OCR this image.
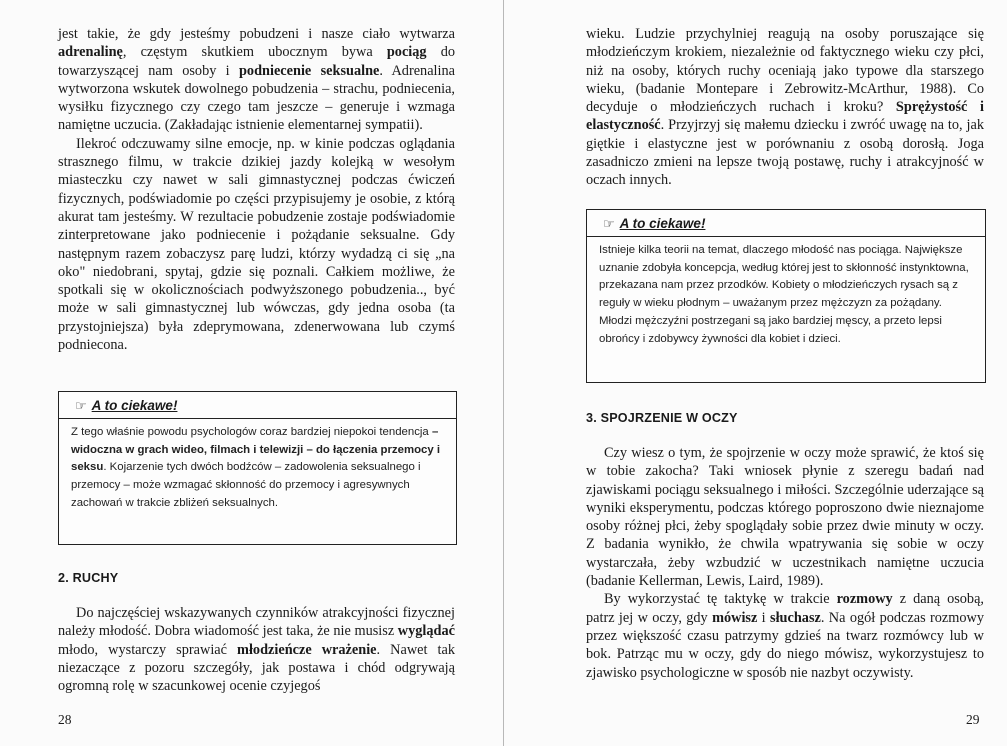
jest takie, że gdy jesteśmy pobudzeni i nasze ciało wytwarza adrenalinę, częstym skutkiem ubocznym bywa pociąg do towarzyszącej nam osoby i podniecenie seksualne. Adrenalina wytworzona wskutek dowolnego pobudzenia – strachu, podniecenia, wysiłku fizycznego czy czego tam jeszcze – generuje i wzmaga namiętne uczucia. (Zakładając istnienie elementarnej sympatii).

Ilekroć odczuwamy silne emocje, np. w kinie podczas oglądania strasznego filmu, w trakcie dzikiej jazdy kolejką w wesołym miasteczku czy nawet w sali gimnastycznej podczas ćwiczeń fizycznych, podświadomie po części przypisujemy je osobie, z którą akurat tam jesteśmy. W rezultacie pobudzenie zostaje podświadomie zinterpretowane jako podniecenie i pożądanie seksualne. Gdy następnym razem zobaczysz parę ludzi, którzy wydadzą ci się „na oko" niedobrani, spytaj, gdzie się poznali. Całkiem możliwe, że spotkali się w okolicznościach podwyższonego pobudzenia.., być może w sali gimnastycznej lub wówczas, gdy jedna osoba (ta przystojniejsza) była zdeprymowana, zdenerwowana lub czymś podniecona.

☞ A to ciekawe!
Z tego właśnie powodu psychologów coraz bardziej niepokoi tendencja – widoczna w grach wideo, filmach i telewizji – do łączenia przemocy i seksu. Kojarzenie tych dwóch bodźców – zadowolenia seksualnego i przemocy – może wzmagać skłonność do przemocy i agresywnych zachowań w trakcie zbliżeń seksualnych.
2. RUCHY

Do najczęściej wskazywanych czynników atrakcyjności fizycznej należy młodość. Dobra wiadomość jest taka, że nie musisz wyglądać młodo, wystarczy sprawiać młodzieńcze wrażenie. Nawet tak niezaczące z pozoru szczegóły, jak postawa i chód odgrywają ogromną rolę w szacunkowej ocenie czyjegoś

28

wieku. Ludzie przychylniej reagują na osoby poruszające się młodzieńczym krokiem, niezależnie od faktycznego wieku czy płci, niż na osoby, których ruchy oceniają jako typowe dla starszego wieku, (badanie Montepare i Zebrowitz-McArthur, 1988). Co decyduje o młodzieńczych ruchach i kroku? Sprężystość i elastyczność. Przyjrzyj się małemu dziecku i zwróć uwagę na to, jak giętkie i elastyczne jest w porównaniu z osobą dorosłą. Joga zasadniczo zmieni na lepsze twoją postawę, ruchy i atrakcyjność w oczach innych.

☞ A to ciekawe!
Istnieje kilka teorii na temat, dlaczego młodość nas pociąga. Największe uznanie zdobyła koncepcja, według której jest to skłonność instynktowna, przekazana nam przez przodków. Kobiety o młodzieńczych rysach są z reguły w wieku płodnym – uważanym przez mężczyzn za pożądany. Młodzi mężczyźni postrzegani są jako bardziej męscy, a przeto lepsi obrońcy i zdobywcy żywności dla kobiet i dzieci.
3. SPOJRZENIE W OCZY

Czy wiesz o tym, że spojrzenie w oczy może sprawić, że ktoś się w tobie zakocha? Taki wniosek płynie z szeregu badań nad zjawiskami pociągu seksualnego i miłości. Szczególnie uderzające są wyniki eksperymentu, podczas którego poproszono dwie nieznajome osoby różnej płci, żeby spoglądały sobie przez dwie minuty w oczy. Z badania wynikło, że chwila wpatrywania się sobie w oczy wystarczała, żeby wzbudzić w uczestnikach namiętne uczucia (badanie Kellerman, Lewis, Laird, 1989).

By wykorzystać tę taktykę w trakcie rozmowy z daną osobą, patrz jej w oczy, gdy mówisz i słuchasz. Na ogół podczas rozmowy przez większość czasu patrzymy gdzieś na twarz rozmówcy lub w bok. Patrząc mu w oczy, gdy do niego mówisz, wykorzystujesz to zjawisko psychologiczne w sposób nie nazbyt oczywisty.

29
